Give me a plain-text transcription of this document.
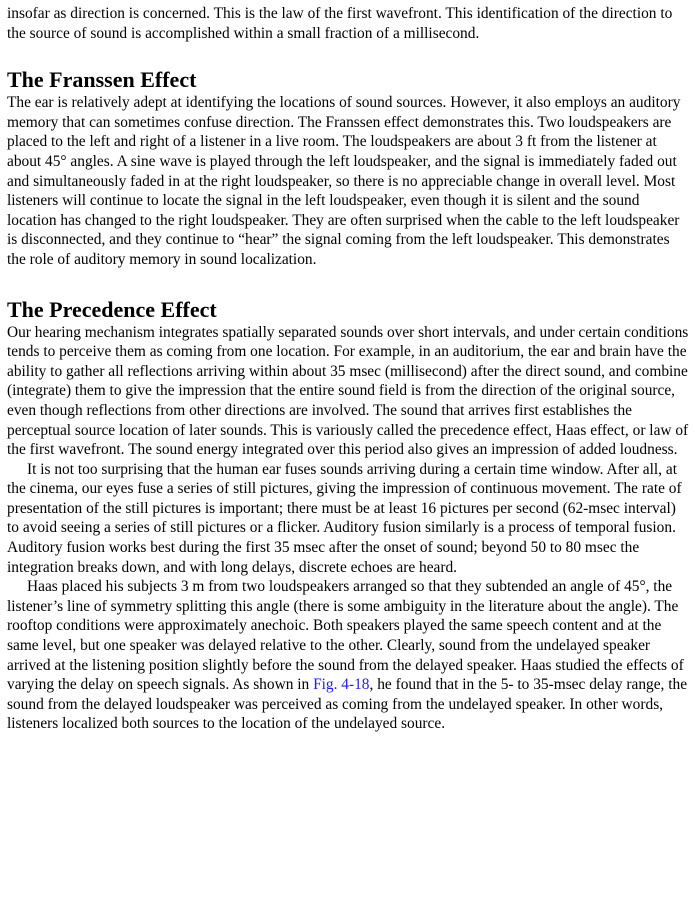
insofar as direction is concerned. This is the law of the first wavefront. This identification of the direction to the source of sound is accomplished within a small fraction of a millisecond.

The Franssen Effect

The ear is relatively adept at identifying the locations of sound sources. However, it also employs an auditory memory that can sometimes confuse direction. The Franssen effect demonstrates this. Two loudspeakers are placed to the left and right of a listener in a live room. The loudspeakers are about 3 ft from the listener at about 45° angles. A sine wave is played through the left loudspeaker, and the signal is immediately faded out and simultaneously faded in at the right loudspeaker, so there is no appreciable change in overall level. Most listeners will continue to locate the signal in the left loudspeaker, even though it is silent and the sound location has changed to the right loudspeaker. They are often surprised when the cable to the left loudspeaker is disconnected, and they continue to “hear” the signal coming from the left loudspeaker. This demonstrates the role of auditory memory in sound localization.

The Precedence Effect

Our hearing mechanism integrates spatially separated sounds over short intervals, and under certain conditions tends to perceive them as coming from one location. For example, in an auditorium, the ear and brain have the ability to gather all reflections arriving within about 35 msec (millisecond) after the direct sound, and combine (integrate) them to give the impression that the entire sound field is from the direction of the original source, even though reflections from other directions are involved. The sound that arrives first establishes the perceptual source location of later sounds. This is variously called the precedence effect, Haas effect, or law of the first wavefront. The sound energy integrated over this period also gives an impression of added loudness.

It is not too surprising that the human ear fuses sounds arriving during a certain time window. After all, at the cinema, our eyes fuse a series of still pictures, giving the impression of continuous movement. The rate of presentation of the still pictures is important; there must be at least 16 pictures per second (62-msec interval) to avoid seeing a series of still pictures or a flicker. Auditory fusion similarly is a process of temporal fusion. Auditory fusion works best during the first 35 msec after the onset of sound; beyond 50 to 80 msec the integration breaks down, and with long delays, discrete echoes are heard.

Haas placed his subjects 3 m from two loudspeakers arranged so that they subtended an angle of 45°, the listener’s line of symmetry splitting this angle (there is some ambiguity in the literature about the angle). The rooftop conditions were approximately anechoic. Both speakers played the same speech content and at the same level, but one speaker was delayed relative to the other. Clearly, sound from the undelayed speaker arrived at the listening position slightly before the sound from the delayed speaker. Haas studied the effects of varying the delay on speech signals. As shown in Fig. 4-18, he found that in the 5- to 35-msec delay range, the sound from the delayed loudspeaker was perceived as coming from the undelayed speaker. In other words, listeners localized both sources to the location of the undelayed source.
